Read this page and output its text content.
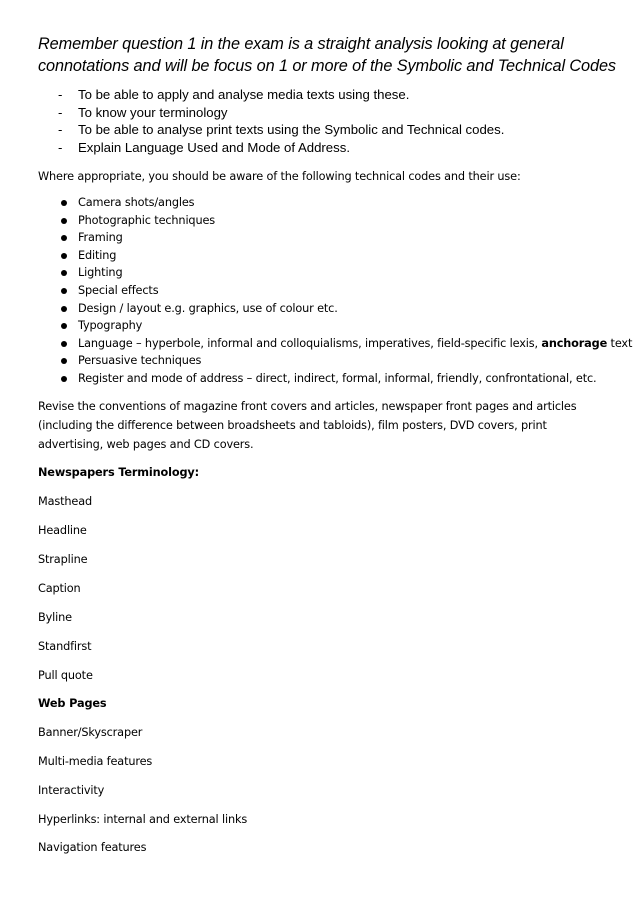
Remember question 1 in the exam is a straight analysis looking at general connotations and will be focus on 1 or more of the Symbolic and Technical Codes
- To be able to apply and analyse media texts using these.
- To know your terminology
- To be able to analyse print texts using the Symbolic and Technical codes.
- Explain Language Used and Mode of Address.
Where appropriate, you should be aware of the following technical codes and their use:
Camera shots/angles
Photographic techniques
Framing
Editing
Lighting
Special effects
Design / layout e.g. graphics, use of colour etc.
Typography
Language – hyperbole, informal and colloquialisms, imperatives, field-specific lexis, anchorage text
Persuasive techniques
Register and mode of address – direct, indirect, formal, informal, friendly, confrontational, etc.
Revise the conventions of magazine front covers and articles, newspaper front pages and articles (including the difference between broadsheets and tabloids), film posters, DVD covers, print advertising, web pages and CD covers.
Newspapers Terminology:
Masthead
Headline
Strapline
Caption
Byline
Standfirst
Pull quote
Web Pages
Banner/Skyscraper
Multi-media features
Interactivity
Hyperlinks: internal and external links
Navigation features
